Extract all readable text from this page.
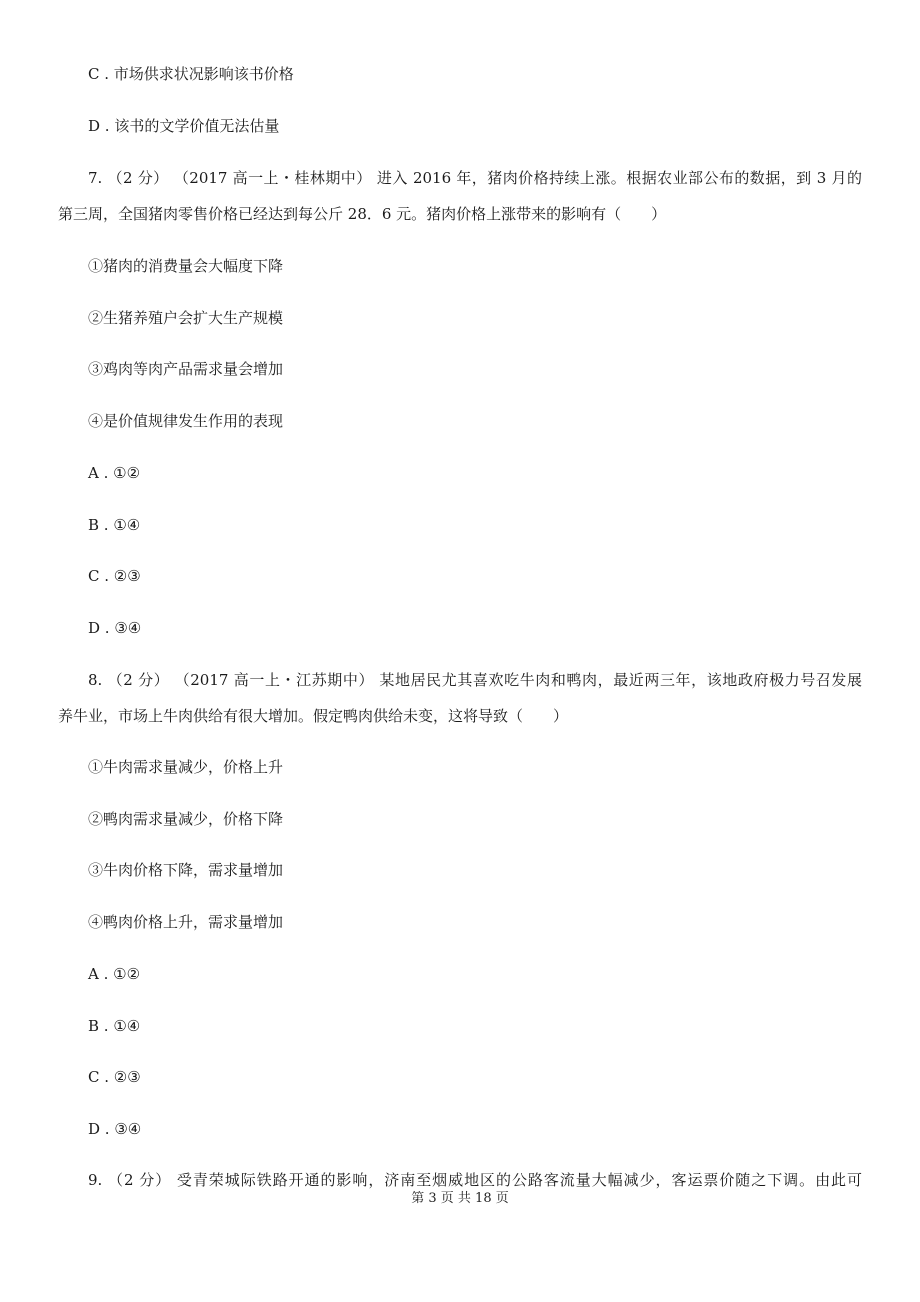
C . 市场供求状况影响该书价格
D . 该书的文学价值无法估量
7. （2 分） （2017 高一上・桂林期中） 进入 2016 年，猪肉价格持续上涨。根据农业部公布的数据，到 3 月的
第三周，全国猪肉零售价格已经达到每公斤 28．6 元。猪肉价格上涨带来的影响有（　　）
①猪肉的消费量会大幅度下降
②生猪养殖户会扩大生产规模
③鸡肉等肉产品需求量会增加
④是价值规律发生作用的表现
A . ①②
B . ①④
C . ②③
D . ③④
8. （2 分） （2017 高一上・江苏期中） 某地居民尤其喜欢吃牛肉和鸭肉，最近两三年，该地政府极力号召发展
养牛业，市场上牛肉供给有很大增加。假定鸭肉供给未变，这将导致（　　）
①牛肉需求量减少，价格上升
②鸭肉需求量减少，价格下降
③牛肉价格下降，需求量增加
④鸭肉价格上升，需求量增加
A . ①②
B . ①④
C . ②③
D . ③④
9. （2 分） 受青荣城际铁路开通的影响，济南至烟威地区的公路客流量大幅减少，客运票价随之下调。由此可
第 3 页 共 18 页
